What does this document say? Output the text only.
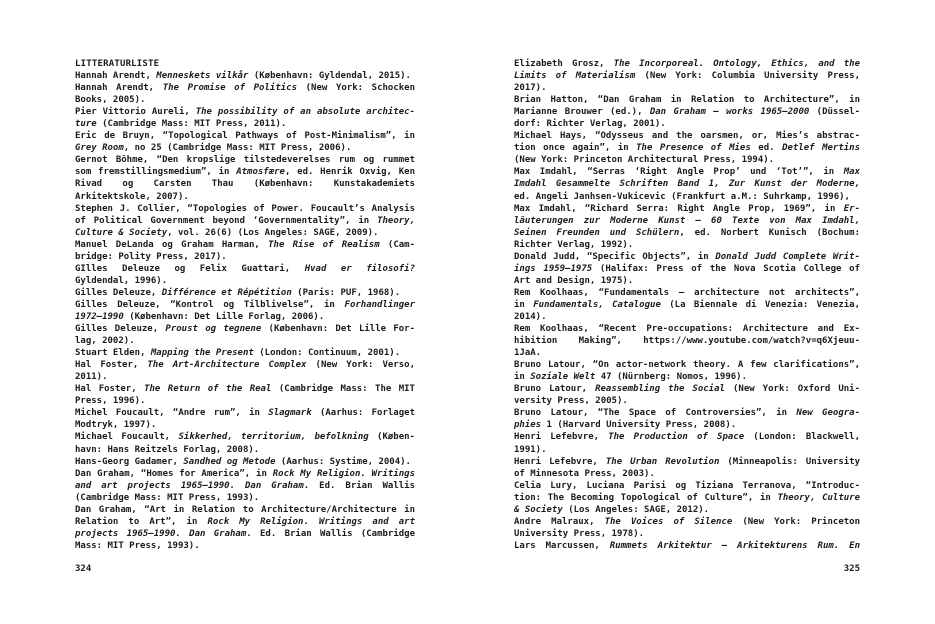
LITTERATURLISTE
Hannah Arendt, Menneskets vilkår (København: Gyldendal, 2015).
Hannah Arendt, The Promise of Politics (New York: Schocken
Books, 2005).
Pier Vittorio Aureli, The possibility of an absolute architec-
ture (Cambridge Mass: MIT Press, 2011).
Eric de Bruyn, “Topological Pathways of Post-Minimalism”, in
Grey Room, no 25 (Cambridge Mass: MIT Press, 2006).
Gernot Böhme, “Den kropslige tilstedeverelses rum og rummet
som fremstillingsmedium”, in Atmosfære, ed. Henrik Oxvig, Ken
Rivad og Carsten Thau (København: Kunstakademiets
Arkitektskole, 2007).
Stephen J. Collier, “Topologies of Power. Foucault’s Analysis
of Political Government beyond ‘Governmentality”, in Theory,
Culture & Society, vol. 26(6) (Los Angeles: SAGE, 2009).
Manuel DeLanda og Graham Harman, The Rise of Realism (Cam-
bridge: Polity Press, 2017).
GIlles Deleuze og Felix Guattari, Hvad er filosofi?
Gyldendal, 1996).
Gilles Deleuze, Différence et Répétition (Paris: PUF, 1968).
Gilles Deleuze, “Kontrol og Tilblivelse”, in Forhandlinger
1972–1990 (København: Det Lille Forlag, 2006).
Gilles Deleuze, Proust og tegnene (København: Det Lille For-
lag, 2002).
Stuart Elden, Mapping the Present (London: Continuum, 2001).
Hal Foster, The Art-Architecture Complex (New York: Verso,
2011).
Hal Foster, The Return of the Real (Cambridge Mass: The MIT
Press, 1996).
Michel Foucault, “Andre rum”, in Slagmark (Aarhus: Forlaget
Modtryk, 1997).
Michael Foucault, Sikkerhed, territorium, befolkning (Køben-
havn: Hans Reitzels Forlag, 2008).
Hans-Georg Gadamer, Sandhed og Metode (Aarhus: Systime, 2004).
Dan Graham, “Homes for America”, in Rock My Religion. Writings
and art projects 1965–1990. Dan Graham. Ed. Brian Wallis
(Cambridge Mass: MIT Press, 1993).
Dan Graham, “Art in Relation to Architecture/Architecture in
Relation to Art”, in Rock My Religion. Writings and art
projects 1965–1990. Dan Graham. Ed. Brian Wallis (Cambridge
Mass: MIT Press, 1993).
Elizabeth Grosz, The Incorporeal. Ontology, Ethics, and the
Limits of Materialism (New York: Columbia University Press,
2017).
Brian Hatton, “Dan Graham in Relation to Architecture”, in
Marianne Brouwer (ed.), Dan Graham — works 1965–2000 (Düssel-
dorf: Richter Verlag, 2001).
Michael Hays, “Odysseus and the oarsmen, or, Mies’s abstrac-
tion once again”, in The Presence of Mies ed. Detlef Mertins
(New York: Princeton Architectural Press, 1994).
Max Imdahl, “Serras ‘Right Angle Prop’ und ‘Tot’”, in Max
Imdahl Gesammelte Schriften Band 1, Zur Kunst der Moderne,
ed. Angeli Janhsen-Vukicevic (Frankfurt a.M.: Suhrkamp, 1996),
Max Imdahl, “Richard Serra: Right Angle Prop, 1969”, in Er-
läuterungen zur Moderne Kunst — 60 Texte von Max Imdahl,
Seinen Freunden und Schülern, ed. Norbert Kunisch (Bochum:
Richter Verlag, 1992).
Donald Judd, “Specific Objects”, in Donald Judd Complete Writ-
ings 1959–1975 (Halifax: Press of the Nova Scotia College of
Art and Design, 1975).
Rem Koolhaas, “Fundamentals — architecture not architects”,
in Fundamentals, Catalogue (La Biennale di Venezia: Venezia,
2014).
Rem Koolhaas, “Recent Pre-occupations: Architecture and Ex-
hibition Making”, https://www.youtube.com/watch?v=q6Xjeuu-
1JaA.
Bruno Latour, “On actor-network theory. A few clarifications”,
in Soziale Welt 47 (Nürnberg: Nomos, 1996).
Bruno Latour, Reassembling the Social (New York: Oxford Uni-
versity Press, 2005).
Bruno Latour, “The Space of Controversies”, in New Geogra-
phies 1 (Harvard University Press, 2008).
Henri Lefebvre, The Production of Space (London: Blackwell,
1991).
Henri Lefebvre, The Urban Revolution (Minneapolis: University
of Minnesota Press, 2003).
Celia Lury, Luciana Parisi og Tiziana Terranova, “Introduc-
tion: The Becoming Topological of Culture”, in Theory, Culture
& Society (Los Angeles: SAGE, 2012).
Andre Malraux, The Voices of Silence (New York: Princeton
University Press, 1978).
Lars Marcussen, Rummets Arkitektur — Arkitekturens Rum. En
324	325
